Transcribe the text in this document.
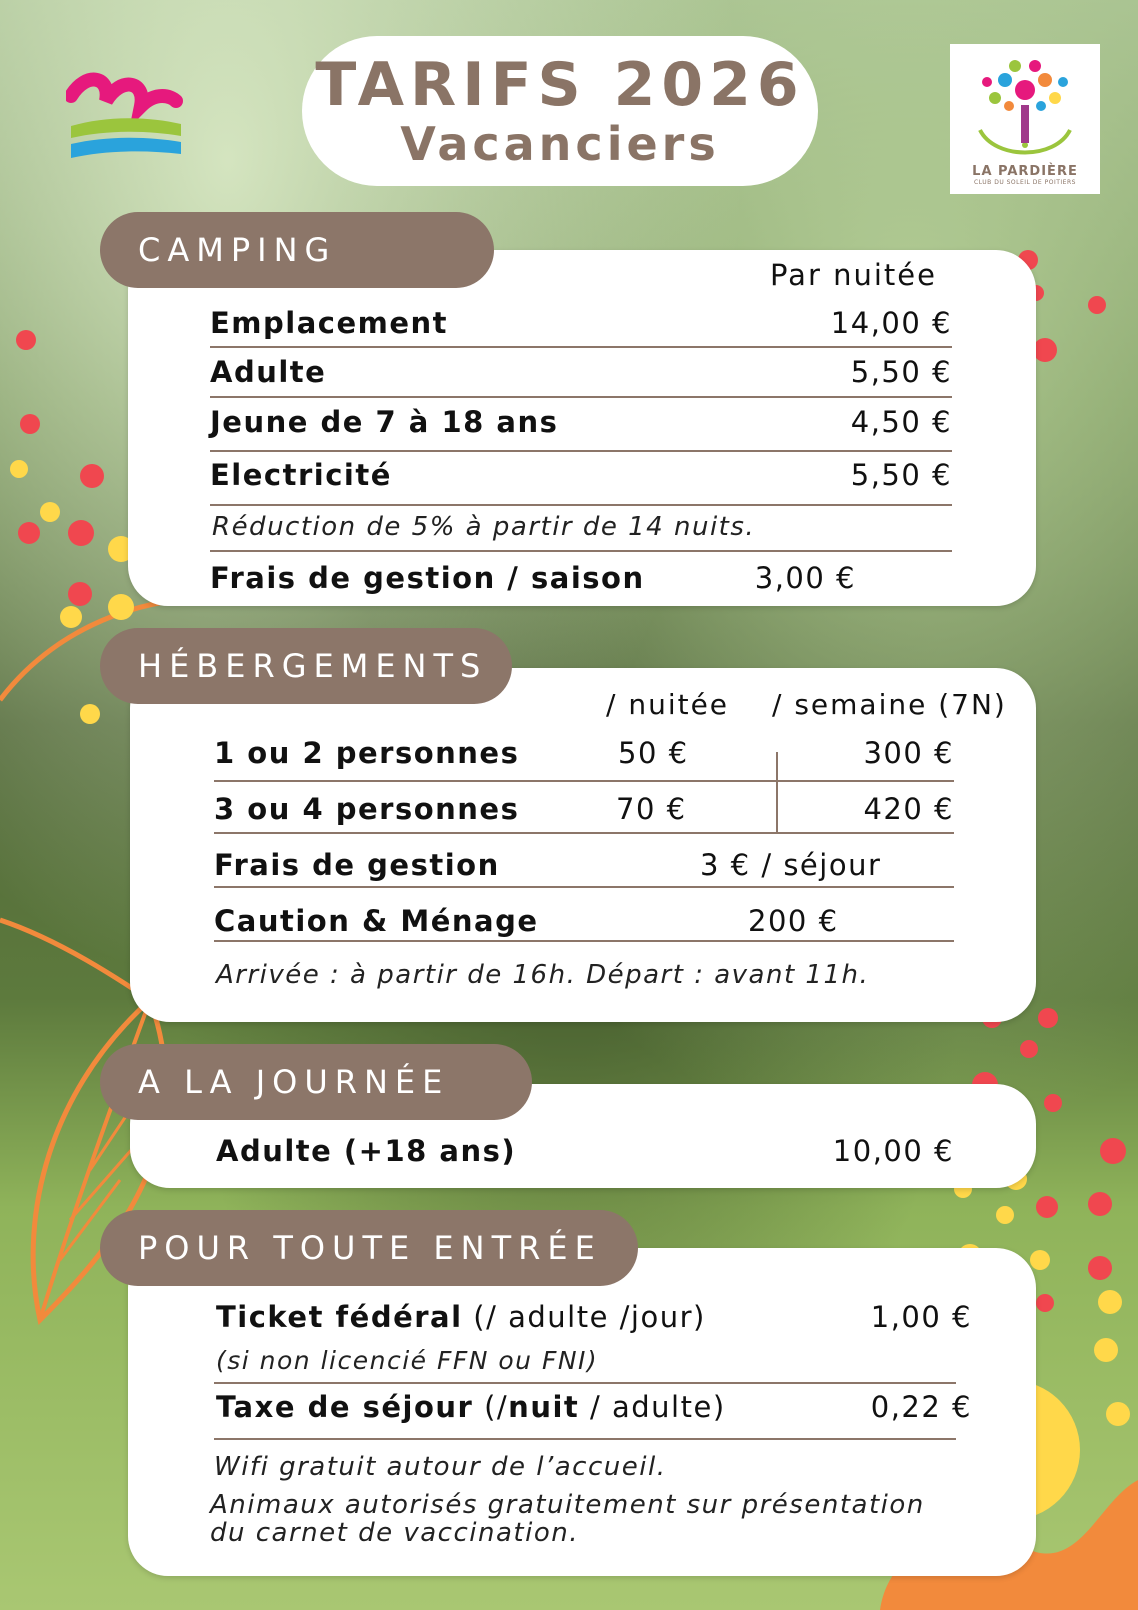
TARIFS 2026
Vacanciers
LA PARDIÈRE
CLUB DU SOLEIL DE POITIERS
CAMPING
Par nuitée
Emplacement	14,00 €
Adulte	5,50 €
Jeune de 7 à 18 ans	4,50 €
Electricité	5,50 €
Réduction de 5% à partir de 14 nuits.
Frais de gestion / saison	3,00 €
HÉBERGEMENTS
/ nuitée / semaine (7N)
1 ou 2 personnes	50 €	300 €
3 ou 4 personnes	70 €	420 €
Frais de gestion	3 € / séjour
Caution & Ménage	200 €
Arrivée : à partir de 16h. Départ : avant 11h.
A LA JOURNÉE
Adulte (+18 ans)	10,00 €
POUR TOUTE ENTRÉE
Ticket fédéral (/ adulte /jour)	1,00 €
(si non licencié FFN ou FNI)
Taxe de séjour (/nuit / adulte)	0,22 €
Wifi gratuit autour de l’accueil.
Animaux autorisés gratuitement sur présentation
du carnet de vaccination.
